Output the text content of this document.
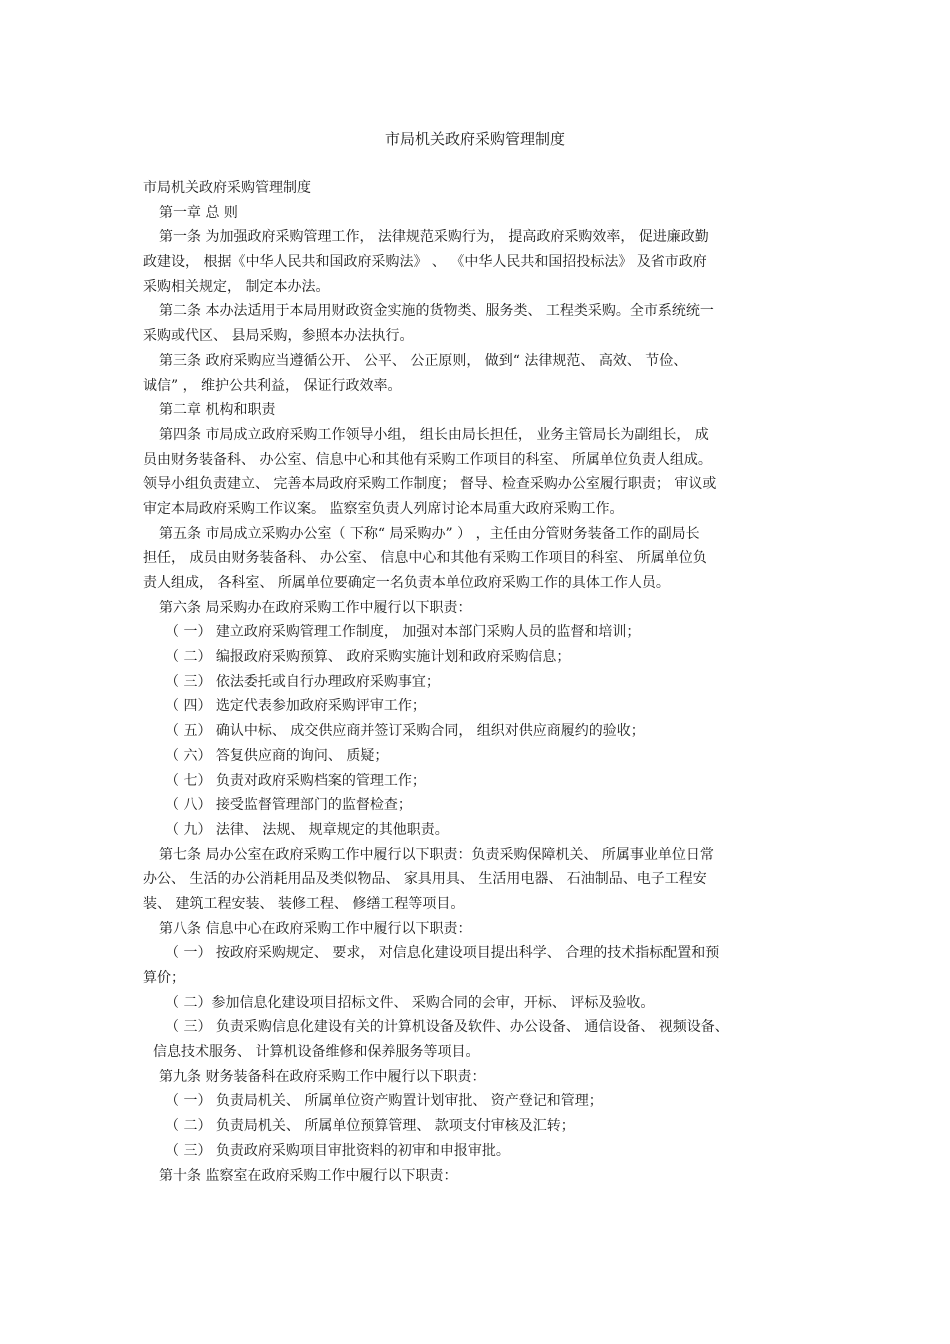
市局机关政府采购管理制度
市局机关政府采购管理制度
第一章 总 则
第一条 为加强政府采购管理工作， 法律规范采购行为， 提高政府采购效率， 促进廉政勤
政建设， 根据《中华人民共和国政府采购法》 、 《中华人民共和国招投标法》 及省市政府
采购相关规定， 制定本办法。
第二条 本办法适用于本局用财政资金实施的货物类、服务类、 工程类采购。全市系统统一
采购或代区、 县局采购，参照本办法执行。
第三条 政府采购应当遵循公开、 公平、 公正原则， 做到“ 法律规范、 高效、 节俭、
诚信” ， 维护公共利益， 保证行政效率。
第二章 机构和职责
第四条 市局成立政府采购工作领导小组， 组长由局长担任， 业务主管局长为副组长， 成
员由财务装备科、 办公室、信息中心和其他有采购工作项目的科室、 所属单位负责人组成。
领导小组负责建立、 完善本局政府采购工作制度； 督导、检查采购办公室履行职责； 审议或
审定本局政府采购工作议案。 监察室负责人列席讨论本局重大政府采购工作。
第五条 市局成立采购办公室（ 下称“ 局采购办” ） ，主任由分管财务装备工作的副局长
担任， 成员由财务装备科、 办公室、 信息中心和其他有采购工作项目的科室、 所属单位负
责人组成， 各科室、 所属单位要确定一名负责本单位政府采购工作的具体工作人员。
第六条 局采购办在政府采购工作中履行以下职责：
（ 一） 建立政府采购管理工作制度， 加强对本部门采购人员的监督和培训；
（ 二） 编报政府采购预算、 政府采购实施计划和政府采购信息；
（ 三） 依法委托或自行办理政府采购事宜；
（ 四） 选定代表参加政府采购评审工作；
（ 五） 确认中标、 成交供应商并签订采购合同， 组织对供应商履约的验收；
（ 六） 答复供应商的询问、 质疑；
（ 七） 负责对政府采购档案的管理工作；
（ 八） 接受监督管理部门的监督检查；
（ 九） 法律、 法规、 规章规定的其他职责。
第七条 局办公室在政府采购工作中履行以下职责：负责采购保障机关、 所属事业单位日常
办公、 生活的办公消耗用品及类似物品、 家具用具、 生活用电器、 石油制品、电子工程安
装、 建筑工程安装、 装修工程、 修缮工程等项目。
第八条 信息中心在政府采购工作中履行以下职责：
（ 一） 按政府采购规定、 要求， 对信息化建设项目提出科学、 合理的技术指标配置和预
算价；
（ 二）参加信息化建设项目招标文件、 采购合同的会审，开标、 评标及验收。
（ 三） 负责采购信息化建设有关的计算机设备及软件、办公设备、 通信设备、 视频设备、
信息技术服务、 计算机设备维修和保养服务等项目。
第九条 财务装备科在政府采购工作中履行以下职责：
（ 一） 负责局机关、 所属单位资产购置计划审批、 资产登记和管理；
（ 二） 负责局机关、 所属单位预算管理、 款项支付审核及汇转；
（ 三） 负责政府采购项目审批资料的初审和申报审批。
第十条 监察室在政府采购工作中履行以下职责：
